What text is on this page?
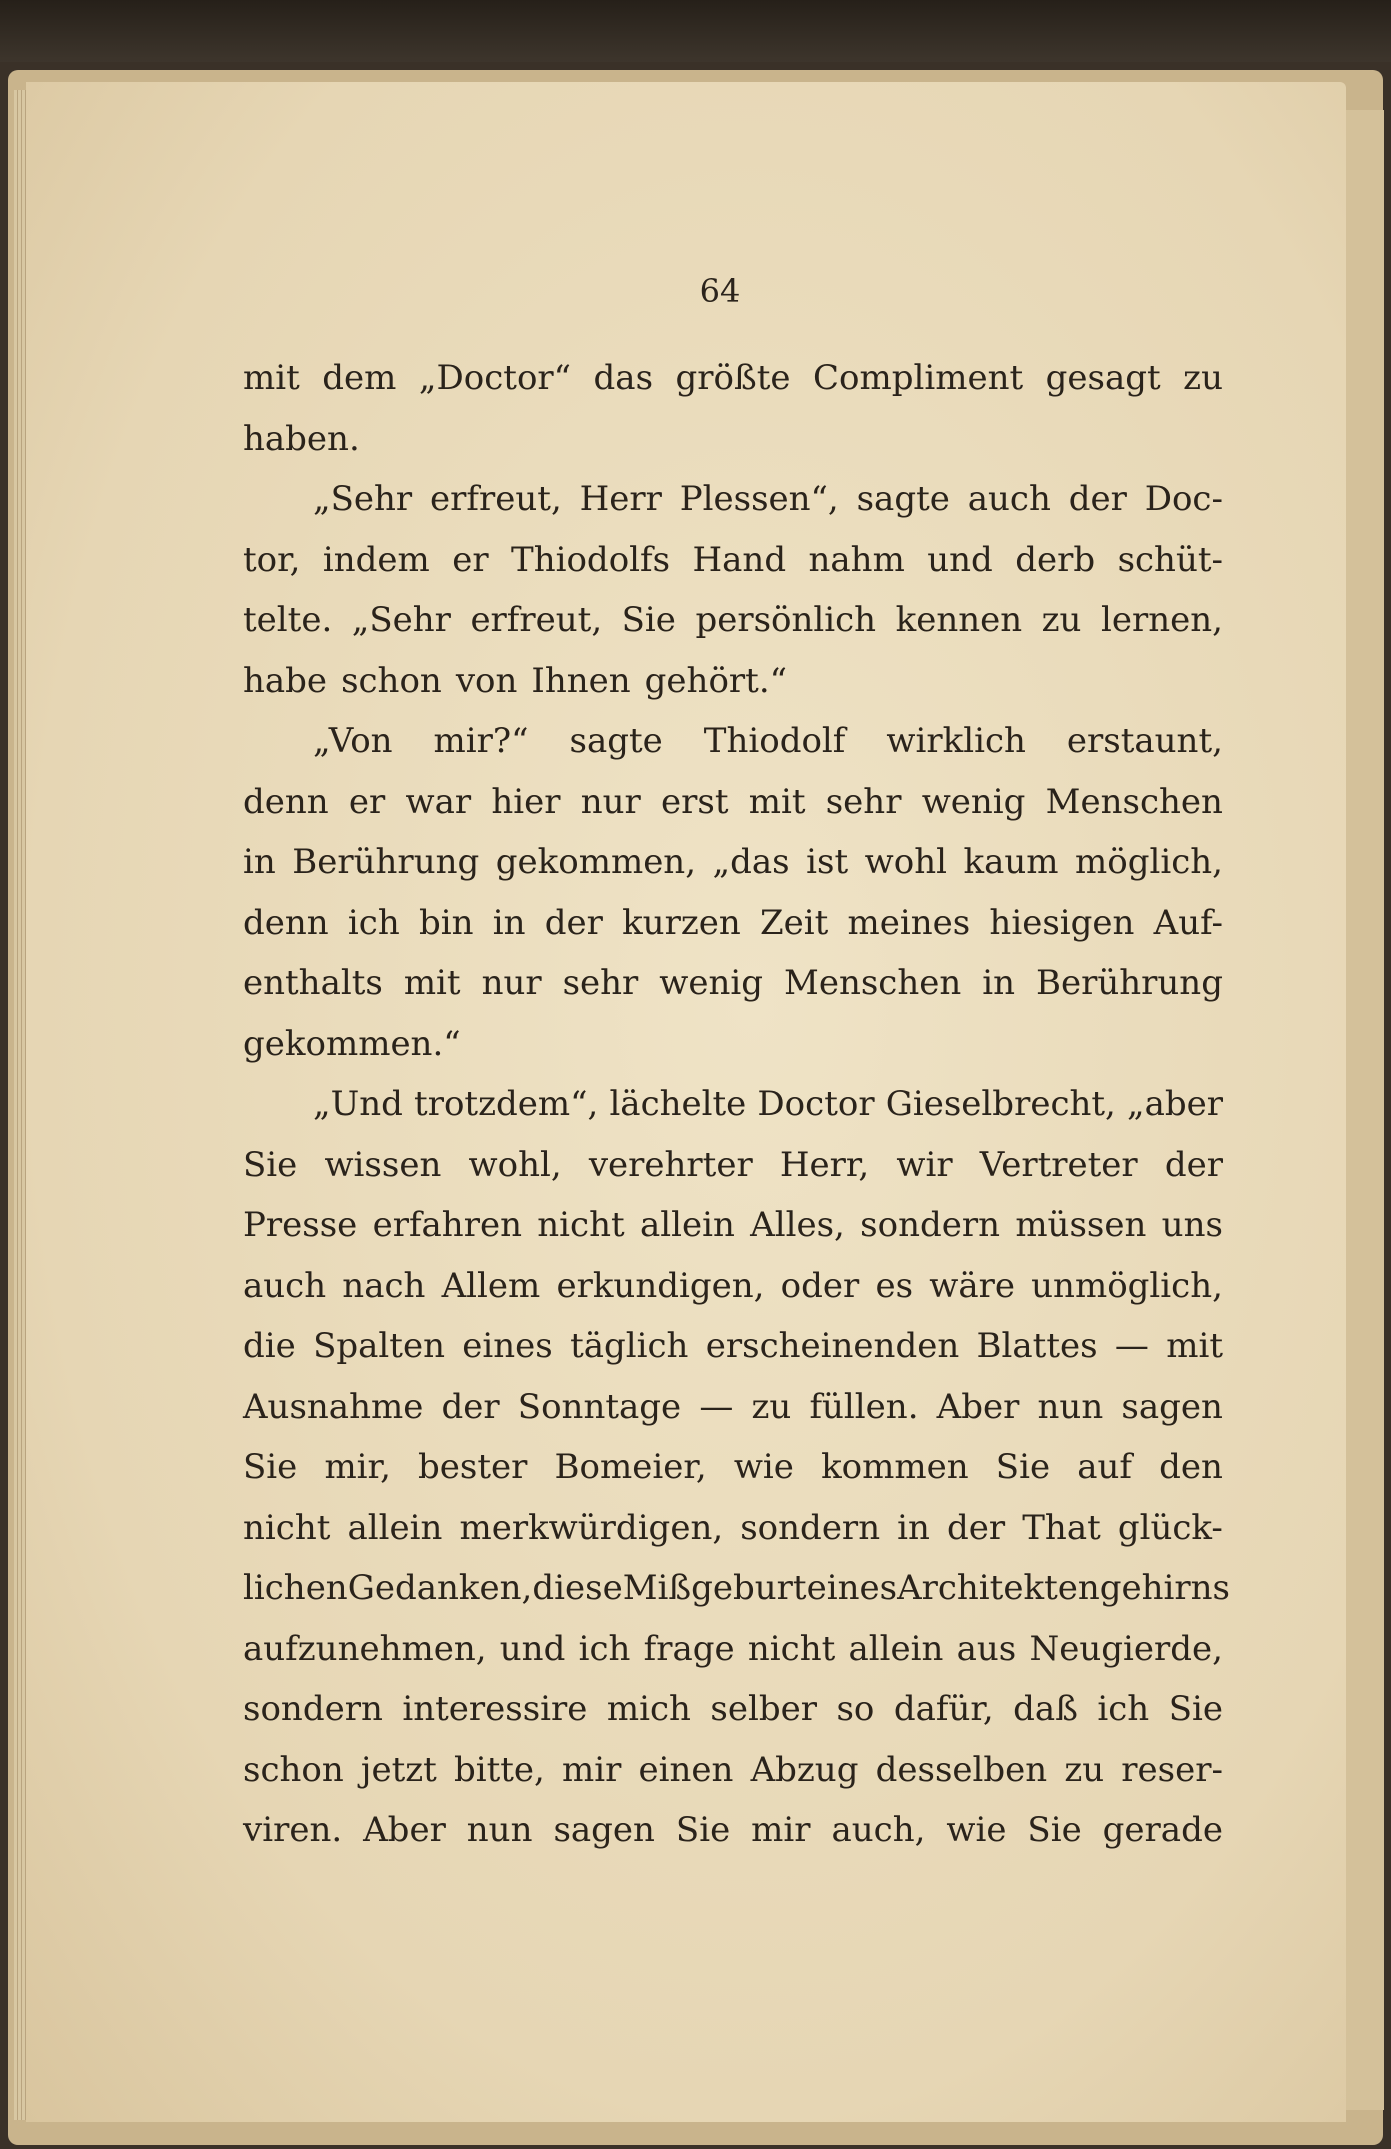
64
mit dem „Doctor“ das größte Compliment gesagt zu
haben.
„Sehr erfreut, Herr Plessen“, sagte auch der Doc-
tor, indem er Thiodolfs Hand nahm und derb schüt-
telte. „Sehr erfreut, Sie persönlich kennen zu lernen,
habe schon von Ihnen gehört.“
„Von mir?“ sagte Thiodolf wirklich erstaunt,
denn er war hier nur erst mit sehr wenig Menschen
in Berührung gekommen, „das ist wohl kaum möglich,
denn ich bin in der kurzen Zeit meines hiesigen Auf-
enthalts mit nur sehr wenig Menschen in Berührung
gekommen.“
„Und trotzdem“, lächelte Doctor Gieselbrecht, „aber
Sie wissen wohl, verehrter Herr, wir Vertreter der
Presse erfahren nicht allein Alles, sondern müssen uns
auch nach Allem erkundigen, oder es wäre unmöglich,
die Spalten eines täglich erscheinenden Blattes — mit
Ausnahme der Sonntage — zu füllen. Aber nun sagen
Sie mir, bester Bomeier, wie kommen Sie auf den
nicht allein merkwürdigen, sondern in der That glück-
lichen Gedanken, diese Mißgeburt eines Architektengehirns
aufzunehmen, und ich frage nicht allein aus Neugierde,
sondern interessire mich selber so dafür, daß ich Sie
schon jetzt bitte, mir einen Abzug desselben zu reser-
viren. Aber nun sagen Sie mir auch, wie Sie gerade
